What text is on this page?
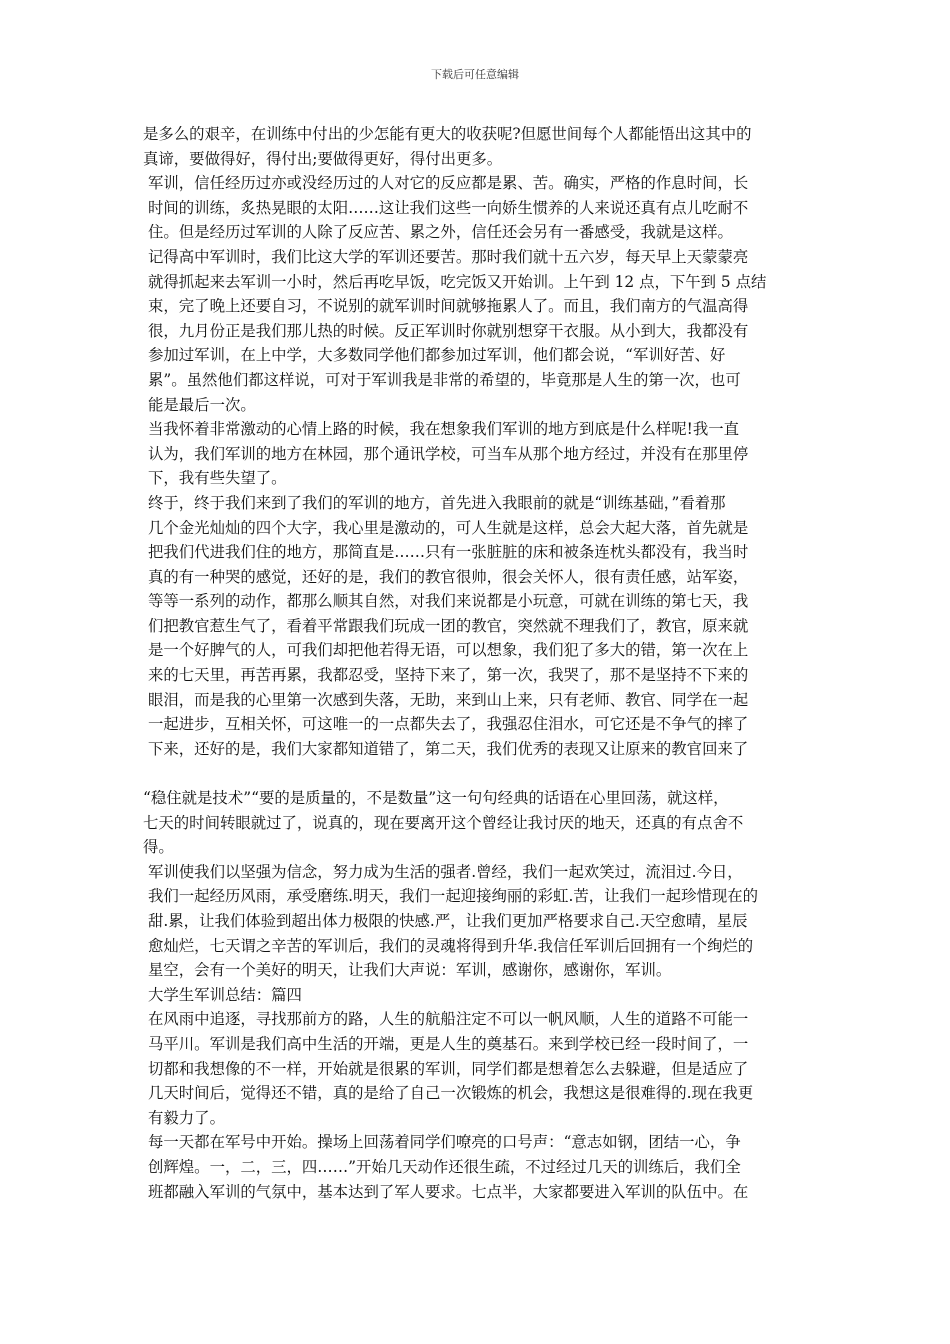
下载后可任意编辑
是多么的艰辛，在训练中付出的少怎能有更大的收获呢?但愿世间每个人都能悟出这其中的
真谛，要做得好，得付出;要做得更好，得付出更多。
军训，信任经历过亦或没经历过的人对它的反应都是累、苦。确实，严格的作息时间，长
时间的训练，炙热晃眼的太阳……这让我们这些一向娇生惯养的人来说还真有点儿吃耐不
住。但是经历过军训的人除了反应苦、累之外，信任还会另有一番感受，我就是这样。
记得高中军训时，我们比这大学的军训还要苦。那时我们就十五六岁，每天早上天蒙蒙亮
就得抓起来去军训一小时，然后再吃早饭，吃完饭又开始训。上午到 12 点，下午到 5 点结
束，完了晚上还要自习，不说别的就军训时间就够拖累人了。而且，我们南方的气温高得
很，九月份正是我们那儿热的时候。反正军训时你就别想穿干衣服。从小到大，我都没有
参加过军训，在上中学，大多数同学他们都参加过军训，他们都会说，“军训好苦、好
累”。虽然他们都这样说，可对于军训我是非常的希望的，毕竟那是人生的第一次，也可
能是最后一次。
当我怀着非常激动的心情上路的时候，我在想象我们军训的地方到底是什么样呢!我一直
认为，我们军训的地方在林园，那个通讯学校，可当车从那个地方经过，并没有在那里停
下，我有些失望了。
终于，终于我们来到了我们的军训的地方，首先进入我眼前的就是“训练基础，”看着那
几个金光灿灿的四个大字，我心里是激动的，可人生就是这样，总会大起大落，首先就是
把我们代进我们住的地方，那简直是……只有一张脏脏的床和被条连枕头都没有，我当时
真的有一种哭的感觉，还好的是，我们的教官很帅，很会关怀人，很有责任感，站军姿，
等等一系列的动作，都那么顺其自然，对我们来说都是小玩意，可就在训练的第七天，我
们把教官惹生气了，看着平常跟我们玩成一团的教官，突然就不理我们了，教官，原来就
是一个好脾气的人，可我们却把他若得无语，可以想象，我们犯了多大的错，第一次在上
来的七天里，再苦再累，我都忍受，坚持下来了，第一次，我哭了，那不是坚持不下来的
眼泪，而是我的心里第一次感到失落，无助，来到山上来，只有老师、教官、同学在一起
一起进步，互相关怀，可这唯一的一点都失去了，我强忍住泪水，可它还是不争气的摔了
下来，还好的是，我们大家都知道错了，第二天，我们优秀的表现又让原来的教官回来了
“稳住就是技术”“要的是质量的，不是数量”这一句句经典的话语在心里回荡，就这样，
七天的时间转眼就过了，说真的，现在要离开这个曾经让我讨厌的地天，还真的有点舍不
得。
军训使我们以坚强为信念，努力成为生活的强者.曾经，我们一起欢笑过，流泪过.今日，
我们一起经历风雨，承受磨练.明天，我们一起迎接绚丽的彩虹.苦，让我们一起珍惜现在的
甜.累，让我们体验到超出体力极限的快感.严，让我们更加严格要求自己.天空愈晴，星辰
愈灿烂，七天谓之辛苦的军训后，我们的灵魂将得到升华.我信任军训后回拥有一个绚烂的
星空，会有一个美好的明天，让我们大声说：军训，感谢你，感谢你，军训。
大学生军训总结：篇四
在风雨中追逐，寻找那前方的路，人生的航船注定不可以一帆风顺，人生的道路不可能一
马平川。军训是我们高中生活的开端，更是人生的奠基石。来到学校已经一段时间了，一
切都和我想像的不一样，开始就是很累的军训，同学们都是想着怎么去躲避，但是适应了
几天时间后，觉得还不错，真的是给了自己一次锻炼的机会，我想这是很难得的.现在我更
有毅力了。
每一天都在军号中开始。操场上回荡着同学们嘹亮的口号声：“意志如钢，团结一心，争
创辉煌。一，二，三，四……”开始几天动作还很生疏，不过经过几天的训练后，我们全
班都融入军训的气氛中，基本达到了军人要求。七点半，大家都要进入军训的队伍中。在
